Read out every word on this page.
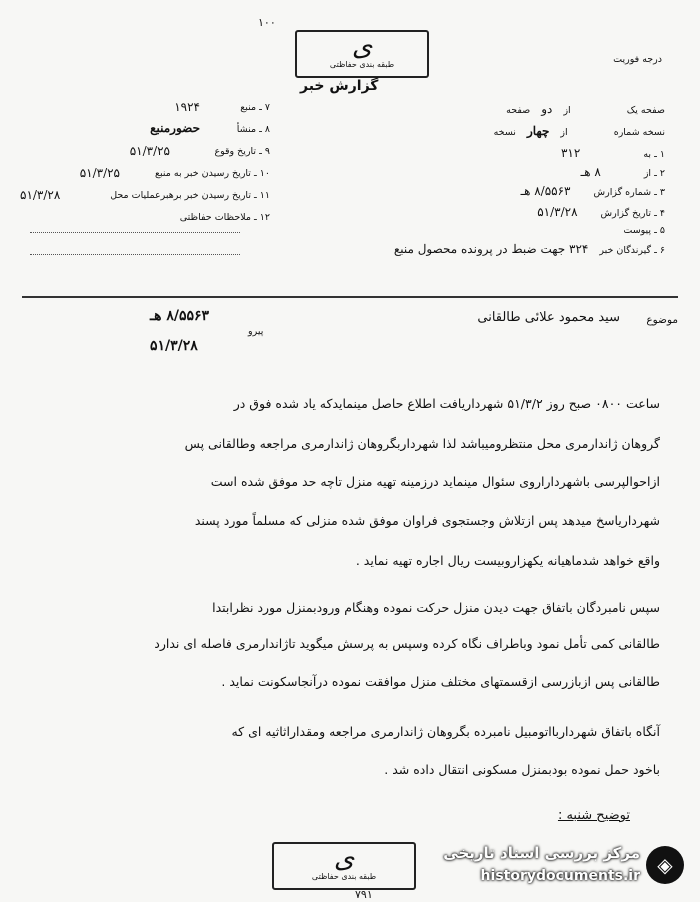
ی
طبقه بندی حفاظتی
۱۰۰
درجه فوریت
گزارش خبر
۷ ـ منبع
۱۹۲۴
۸ ـ منشأ
حضورمنبع
۹ ـ تاریخ وقوع
۵۱/۳/۲۵
۱۰ ـ تاریخ رسیدن خبر به منبع
۵۱/۳/۲۵
۱۱ ـ تاریخ رسیدن خبر برهبرعملیات محل
۵۱/۳/۲۸
۱۲ ـ ملاحظات حفاظتی
صفحه یک  از دو صفحه
نسخه شماره  از چهار نسخه
۱ ـ به ۳۱۲
۲ ـ از ۸ هـ
۳ ـ شماره گزارش ۸/۵۵۶۳ هـ
۴ ـ تاریخ گزارش ۵۱/۳/۲۸
۵ ـ پیوست
۶ ـ گیرندگان خبر ۳۲۴ جهت ضبط در پرونده محصول منبع
موضوع
سید محمود علائی طالقانی
۸/۵۵۶۳ هـ
پیرو
۵۱/۳/۲۸
ساعت ۰۸۰۰ صبح روز ۵۱/۳/۲ شهرداریافت اطلاع حاصل مینمایدکه یاد شده فوق در
گروهان ژاندارمری محل منتظرومیباشد لذا شهرداربگروهان ژاندارمری مراجعه وطالقانی پس
ازاحوالپرسی باشهرداراروی سئوال مینماید درزمینه تهیه منزل تاچه حد موفق شده است
شهرداریاسخ میدهد پس ازتلاش وجستجوی فراوان موفق شده منزلی که مسلماً مورد پسند
واقع خواهد شدماهیانه یکهزاروبیست ریال اجاره تهیه نماید .
سپس نامبردگان باتفاق جهت دیدن منزل حرکت نموده وهنگام ورودبمنزل مورد نظرابتدا
طالقانی کمی تأمل نمود وباطراف نگاه کرده وسپس به پرسش میگوید تاژاندارمری فاصله ای ندارد
طالقانی پس ازبازرسی ازقسمتهای مختلف منزل موافقت نموده درآنجاسکونت نماید .
آنگاه باتفاق شهرداربااتومبیل نامبرده بگروهان ژاندارمری مراجعه ومقداراثاثیه ای که
باخود حمل نموده بودبمنزل مسکونی انتقال داده شد .
توضیح شنبه :
ی
طبقه بندی حفاظتی
مرکز بررسی اسناد تاریخی
historydocuments.ir ◈
۷۹۱
